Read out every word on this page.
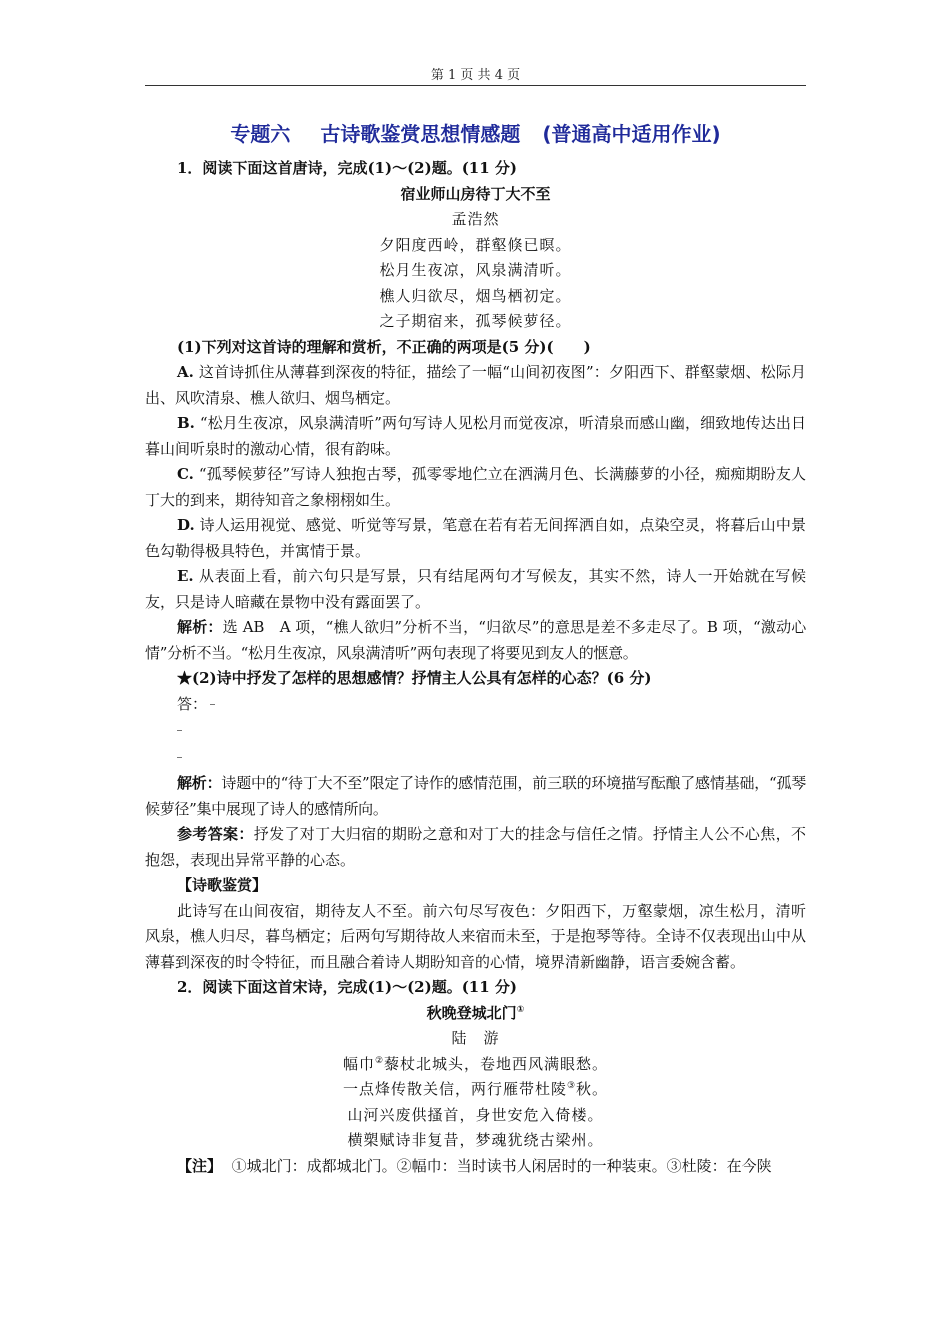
第 1 页 共 4 页
专题六 古诗歌鉴赏思想情感题 (普通高中适用作业)

1．阅读下面这首唐诗，完成(1)～(2)题。(11 分)

宿业师山房待丁大不至

孟浩然

夕阳度西岭，群壑倏已暝。

松月生夜凉，风泉满清听。

樵人归欲尽，烟鸟栖初定。

之子期宿来，孤琴候萝径。

(1)下列对这首诗的理解和赏析，不正确的两项是(5 分)(　　)

A. 这首诗抓住从薄暮到深夜的特征，描绘了一幅“山间初夜图”：夕阳西下、群壑蒙烟、松际月出、风吹清泉、樵人欲归、烟鸟栖定。

B. “松月生夜凉，风泉满清听”两句写诗人见松月而觉夜凉，听清泉而感山幽，细致地传达出日暮山间听泉时的激动心情，很有韵味。

C. “孤琴候萝径”写诗人独抱古琴，孤零零地伫立在洒满月色、长满藤萝的小径，痴痴期盼友人丁大的到来，期待知音之象栩栩如生。

D. 诗人运用视觉、感觉、听觉等写景，笔意在若有若无间挥洒自如，点染空灵，将暮后山中景色勾勒得极具特色，并寓情于景。

E. 从表面上看，前六句只是写景，只有结尾两句才写候友，其实不然，诗人一开始就在写候友，只是诗人暗藏在景物中没有露面罢了。

解析：选 AB　A 项，“樵人欲归”分析不当，“归欲尽”的意思是差不多走尽了。B 项，“激动心情”分析不当。“松月生夜凉，风泉满清听”两句表现了将要见到友人的惬意。

★(2)诗中抒发了怎样的思想感情？抒情主人公具有怎样的心态？(6 分)

答：

解析：诗题中的“待丁大不至”限定了诗作的感情范围，前三联的环境描写酝酿了感情基础，“孤琴候萝径”集中展现了诗人的感情所向。

参考答案：抒发了对丁大归宿的期盼之意和对丁大的挂念与信任之情。抒情主人公不心焦，不抱怨，表现出异常平静的心态。

【诗歌鉴赏】

此诗写在山间夜宿，期待友人不至。前六句尽写夜色：夕阳西下，万壑蒙烟，凉生松月，清听风泉，樵人归尽，暮鸟栖定；后两句写期待故人来宿而未至，于是抱琴等待。全诗不仅表现出山中从薄暮到深夜的时令特征，而且融合着诗人期盼知音的心情，境界清新幽静，语言委婉含蓄。

2．阅读下面这首宋诗，完成(1)～(2)题。(11 分)

秋晚登城北门①

陆　游

幅巾②藜杖北城头，卷地西风满眼愁。

一点烽传散关信，两行雁带杜陵③秋。

山河兴废供搔首，身世安危入倚楼。

横槊赋诗非复昔，梦魂犹绕古梁州。

【注】 ①城北门：成都城北门。②幅巾：当时读书人闲居时的一种装束。③杜陵：在今陕
